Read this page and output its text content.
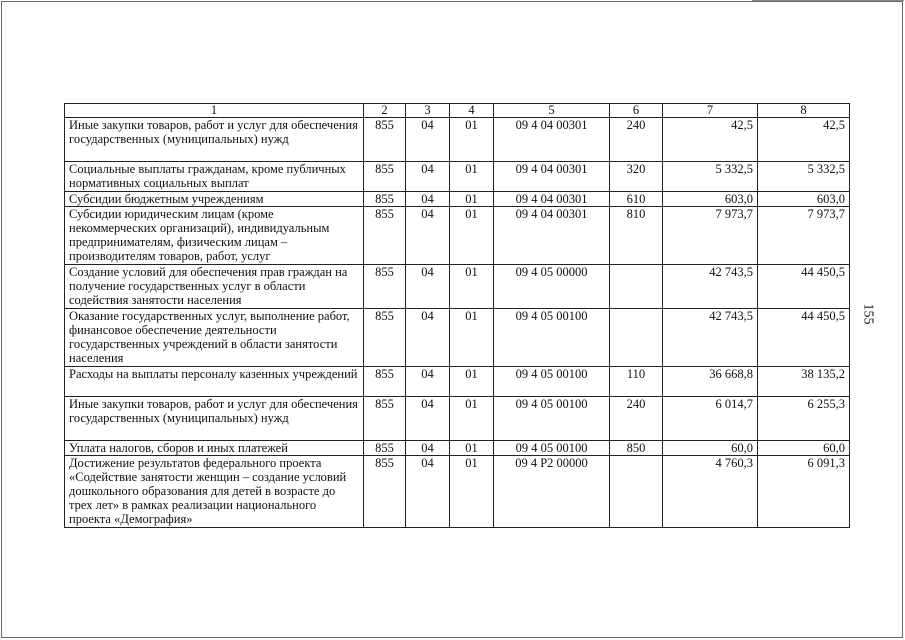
1	2	3	4	5	6	7	8
Иные закупки товаров, работ и услуг для обеспечения государственных (муниципальных) нужд	855	04	01	09 4 04 00301	240	42,5	42,5
Социальные выплаты гражданам, кроме публичных нормативных социальных выплат	855	04	01	09 4 04 00301	320	5 332,5	5 332,5
Субсидии бюджетным учреждениям	855	04	01	09 4 04 00301	610	603,0	603,0
Субсидии юридическим лицам (кроме некоммерческих организаций), индивидуальным предпринимателям, физическим лицам – производителям товаров, работ, услуг	855	04	01	09 4 04 00301	810	7 973,7	7 973,7
Создание условий для обеспечения прав граждан на получение государственных услуг в области содействия занятости населения	855	04	01	09 4 05 00000		42 743,5	44 450,5
Оказание государственных услуг, выполнение работ, финансовое обеспечение деятельности государственных учреждений в области занятости населения	855	04	01	09 4 05 00100		42 743,5	44 450,5
Расходы на выплаты персоналу казенных учреждений	855	04	01	09 4 05 00100	110	36 668,8	38 135,2
Иные закупки товаров, работ и услуг для обеспечения государственных (муниципальных) нужд	855	04	01	09 4 05 00100	240	6 014,7	6 255,3
Уплата налогов, сборов и иных платежей	855	04	01	09 4 05 00100	850	60,0	60,0
Достижение результатов федерального проекта «Содействие занятости женщин – создание условий дошкольного образования для детей в возрасте до трех лет» в рамках реализации национального проекта «Демография»	855	04	01	09 4 P2 00000		4 760,3	6 091,3
155
